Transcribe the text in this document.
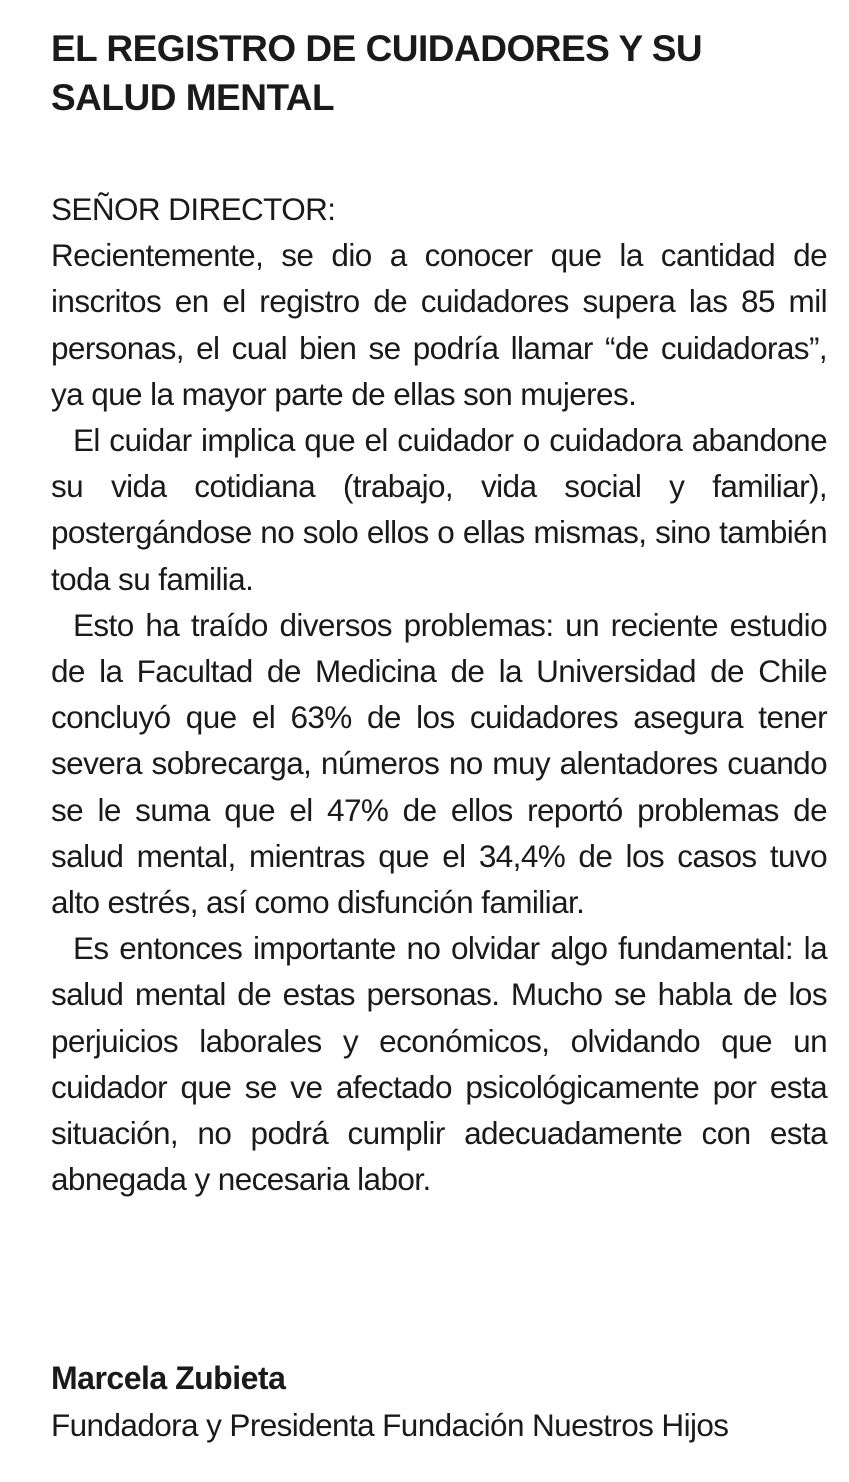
EL REGISTRO DE CUIDADORES Y SU SALUD MENTAL

SEÑOR DIRECTOR:

Recientemente, se dio a conocer que la cantidad de inscritos en el registro de cuidadores supera las 85 mil personas, el cual bien se podría llamar “de cuidadoras”, ya que la mayor parte de ellas son mujeres.

El cuidar implica que el cuidador o cuidadora abandone su vida cotidiana (trabajo, vida social y familiar), postergándose no solo ellos o ellas mismas, sino también toda su familia.

Esto ha traído diversos problemas: un reciente estudio de la Facultad de Medicina de la Universidad de Chile concluyó que el 63% de los cuidadores asegura tener severa sobrecarga, números no muy alentadores cuando se le suma que el 47% de ellos reportó problemas de salud mental, mientras que el 34,4% de los casos tuvo alto estrés, así como disfunción familiar.

Es entonces importante no olvidar algo fundamental: la salud mental de estas personas. Mucho se habla de los perjuicios laborales y económicos, olvidando que un cuidador que se ve afectado psicológicamente por esta situación, no podrá cumplir adecuadamente con esta abnegada y necesaria labor.

Marcela Zubieta
Fundadora y Presidenta Fundación Nuestros Hijos
